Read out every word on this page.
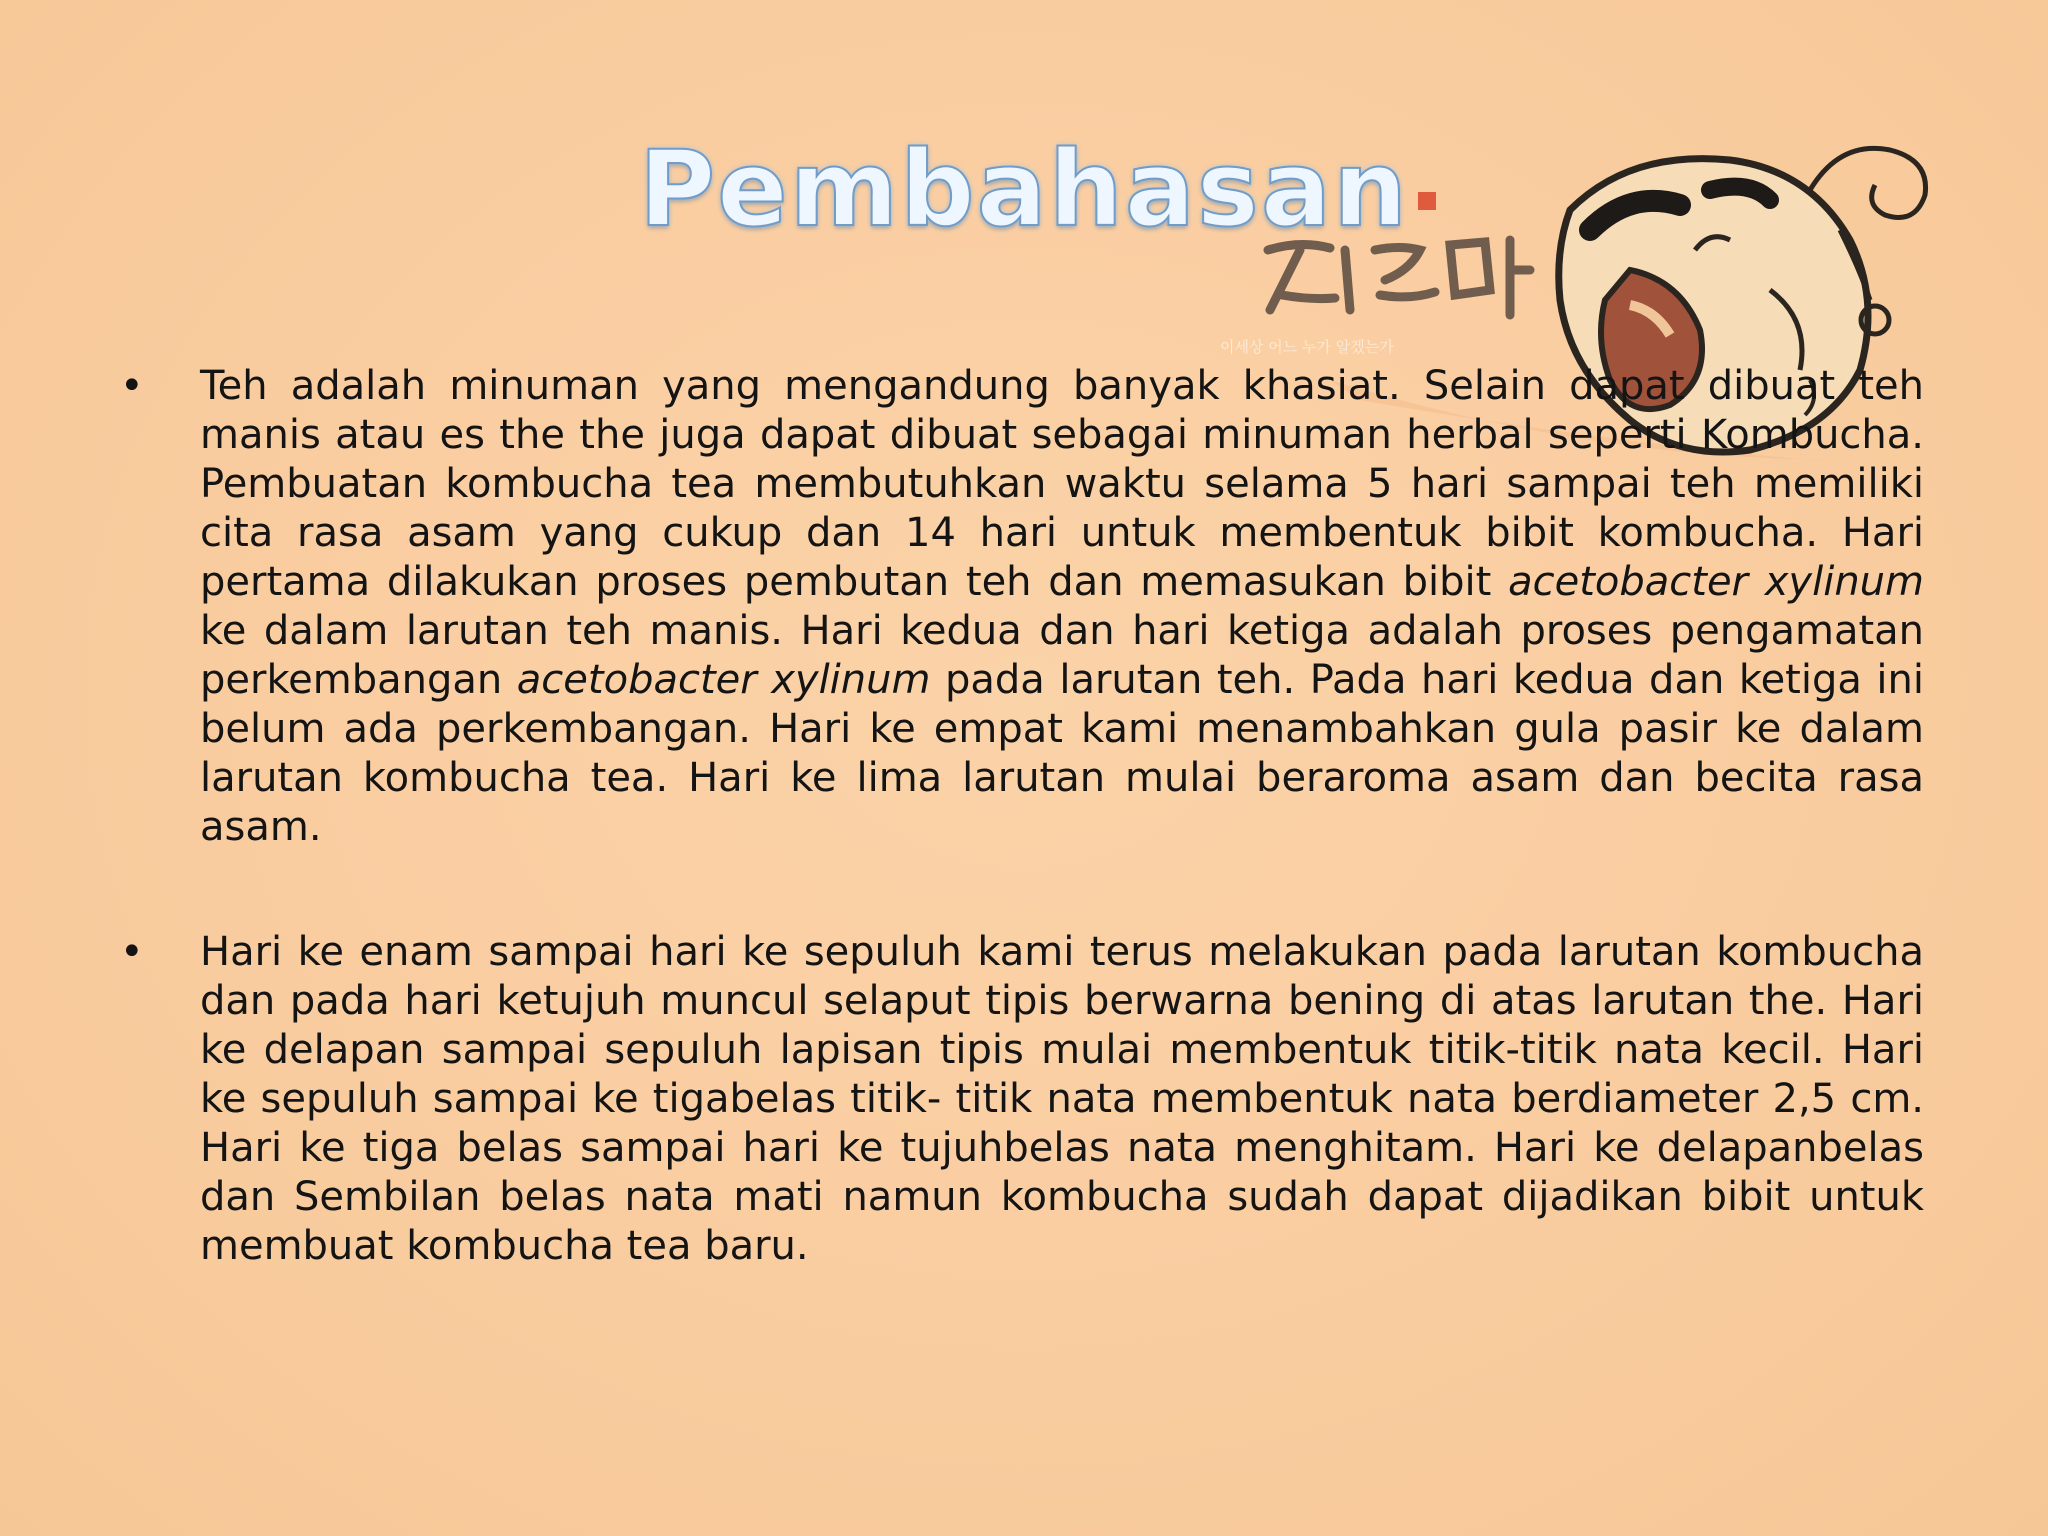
이세상 어느 누가 알겠는가
Pembahasan
•	Teh adalah minuman yang mengandung banyak khasiat. Selain dapat dibuat teh manis atau es the the juga dapat dibuat sebagai minuman herbal seperti Kombucha. Pembuatan kombucha tea membutuhkan waktu selama 5 hari sampai teh memiliki cita rasa asam yang cukup dan 14 hari untuk membentuk bibit kombucha. Hari pertama dilakukan proses pembutan teh dan memasukan bibit acetobacter xylinum ke dalam larutan teh manis. Hari kedua dan hari ketiga adalah proses pengamatan perkembangan acetobacter xylinum pada larutan teh. Pada hari kedua dan ketiga ini belum ada perkembangan. Hari ke empat kami menambahkan gula pasir ke dalam larutan kombucha tea. Hari ke lima larutan mulai beraroma asam dan becita rasa asam.
•	Hari ke enam sampai hari ke sepuluh kami terus melakukan pada larutan kombucha dan pada hari ketujuh muncul selaput tipis berwarna bening di atas larutan the. Hari ke delapan sampai sepuluh lapisan tipis mulai membentuk titik-titik nata kecil. Hari ke sepuluh sampai ke tigabelas titik- titik nata membentuk nata berdiameter 2,5 cm. Hari ke tiga belas sampai hari ke tujuhbelas nata menghitam. Hari ke delapanbelas dan Sembilan belas nata mati namun kombucha sudah dapat dijadikan bibit untuk membuat kombucha tea baru.
